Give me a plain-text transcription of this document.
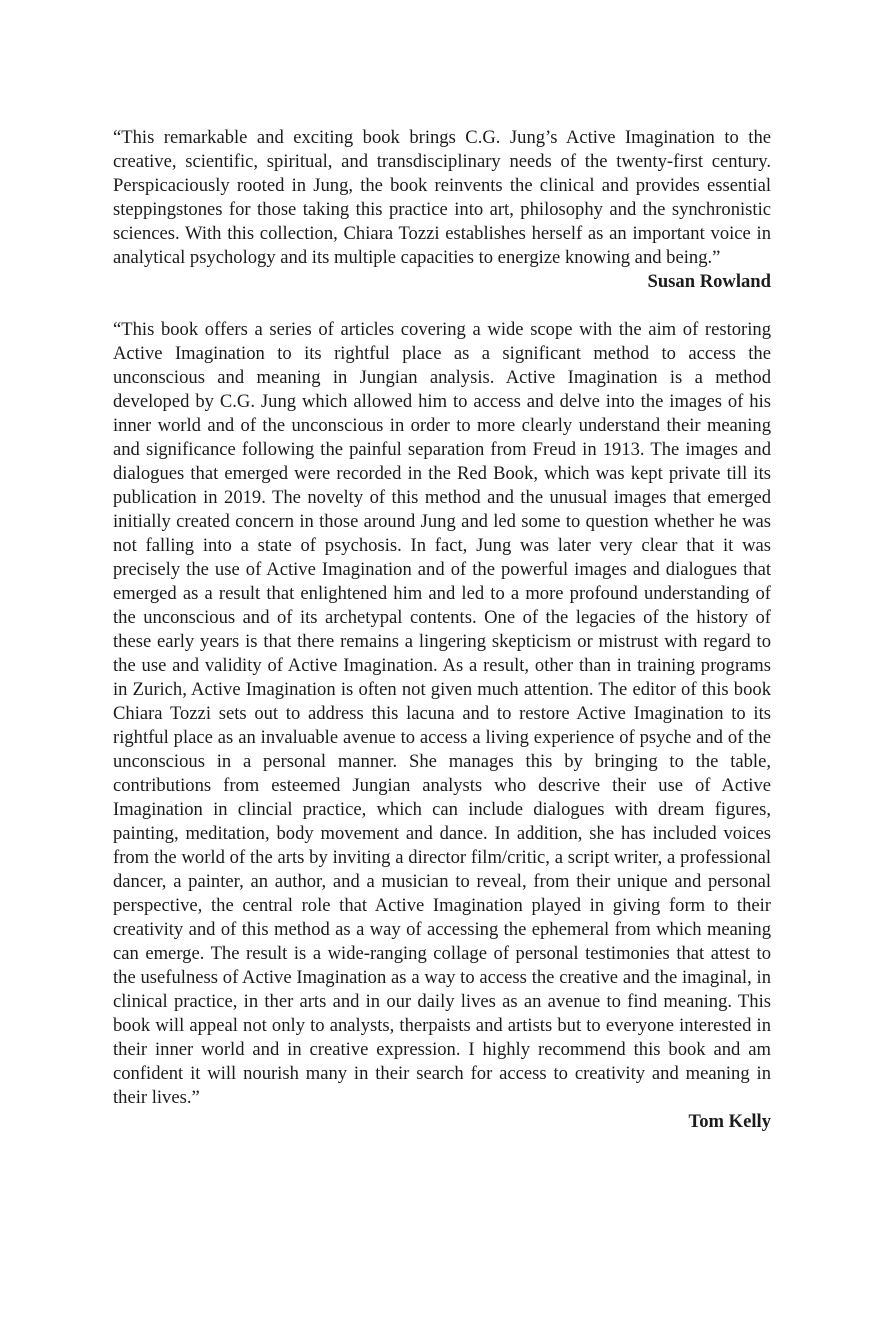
“This remarkable and exciting book brings C.G. Jung’s Active Imagination to the creative, scientific, spiritual, and transdisciplinary needs of the twenty-first century. Perspicaciously rooted in Jung, the book reinvents the clinical and provides essential steppingstones for those taking this practice into art, philosophy and the synchronistic sciences. With this collection, Chiara Tozzi establishes herself as an important voice in analytical psychology and its multiple capacities to energize knowing and being.”

Susan Rowland

“This book offers a series of articles covering a wide scope with the aim of restoring Active Imagination to its rightful place as a significant method to access the unconscious and meaning in Jungian analysis. Active Imagination is a method developed by C.G. Jung which allowed him to access and delve into the images of his inner world and of the unconscious in order to more clearly understand their meaning and significance following the painful separation from Freud in 1913. The images and dialogues that emerged were recorded in the Red Book, which was kept private till its publication in 2019. The novelty of this method and the unusual images that emerged initially created concern in those around Jung and led some to question whether he was not falling into a state of psychosis. In fact, Jung was later very clear that it was precisely the use of Active Imagination and of the powerful images and dialogues that emerged as a result that enlightened him and led to a more profound understanding of the unconscious and of its archetypal contents. One of the legacies of the history of these early years is that there remains a lingering skepticism or mistrust with regard to the use and validity of Active Imagination. As a result, other than in training programs in Zurich, Active Imagination is often not given much attention. The editor of this book Chiara Tozzi sets out to address this lacuna and to restore Active Imagination to its rightful place as an invaluable avenue to access a living experience of psyche and of the unconscious in a personal manner. She manages this by bringing to the table, contributions from esteemed Jungian analysts who descrive their use of Active Imagination in clincial practice, which can include dialogues with dream figures, painting, meditation, body movement and dance. In addition, she has included voices from the world of the arts by inviting a director film/critic, a script writer, a professional dancer, a painter, an author, and a musician to reveal, from their unique and personal perspective, the central role that Active Imagination played in giving form to their creativity and of this method as a way of accessing the ephemeral from which meaning can emerge. The result is a wide-ranging collage of personal testimonies that attest to the usefulness of Active Imagination as a way to access the creative and the imaginal, in clinical practice, in ther arts and in our daily lives as an avenue to find meaning. This book will appeal not only to analysts, therpaists and artists but to everyone interested in their inner world and in creative expression. I highly recommend this book and am confident it will nourish many in their search for access to creativity and meaning in their lives.”

Tom Kelly
